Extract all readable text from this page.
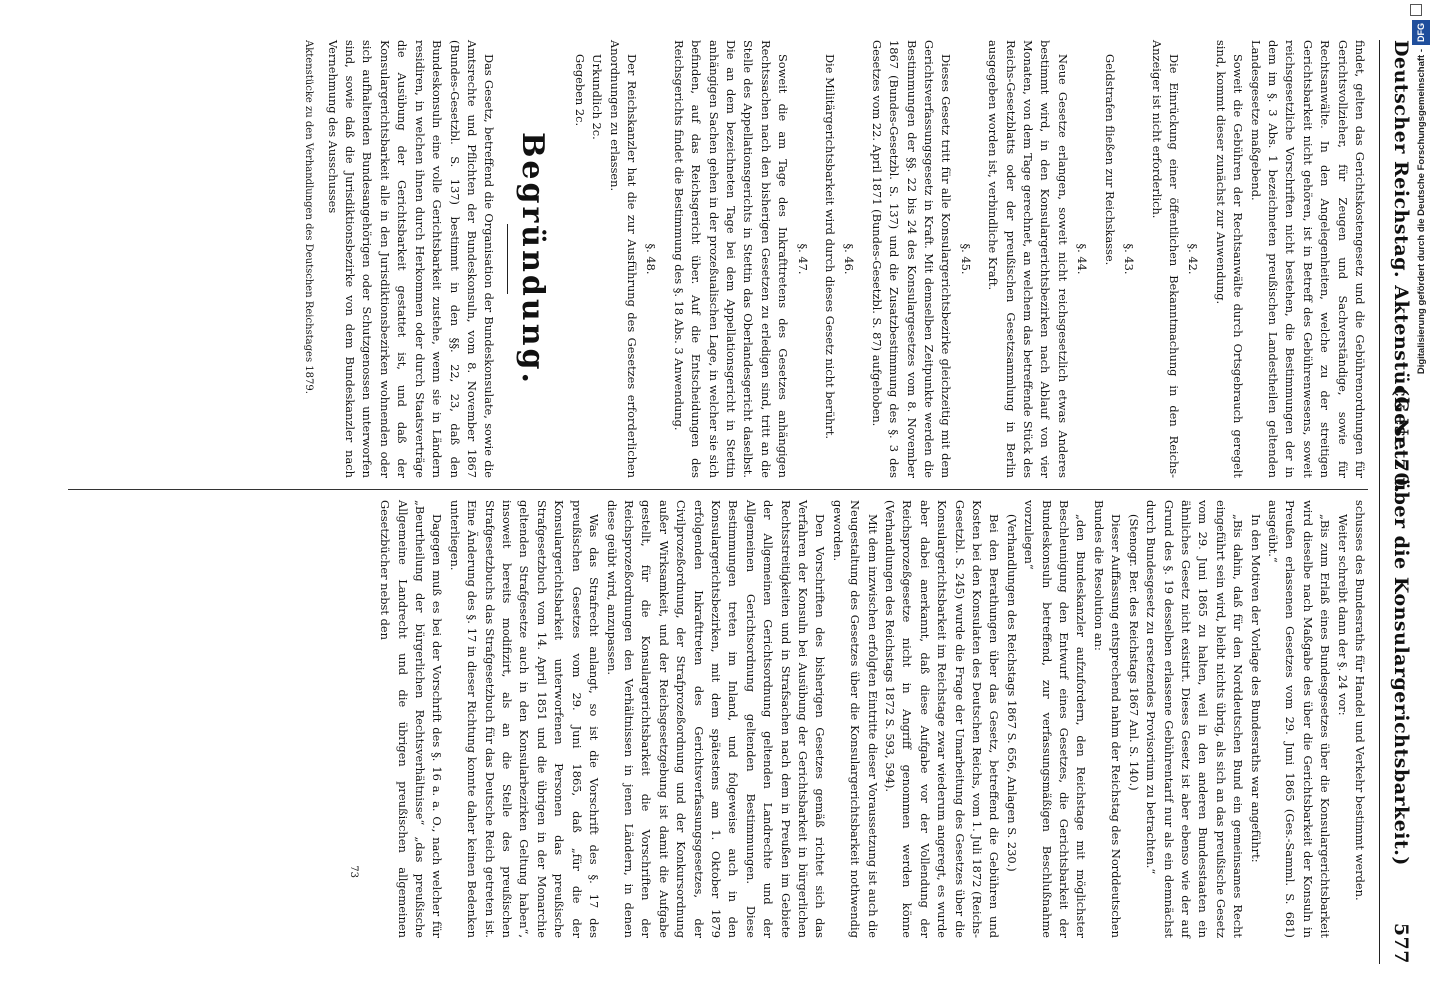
Deutscher Reichstag. Aktenstück Nr. 70.
(Gesetz über die Konsulargerichtsbarkeit.)        577

findet, gelten das Gerichtskostengesetz und die Gebührenordnungen für Gerichtsvollzieher, für Zeugen und Sachverständige, sowie für Rechtsanwälte. In den Angelegenheiten, welche zu der streitigen Gerichtsbarkeit nicht gehören, ist in Betreff des Gebührenwesens, soweit reichsgesetzliche Vorschriften nicht bestehen, die Bestimmungen der in dem im §. 3 Abs. 1 bezeichneten preußischen Landestheilen geltenden Landesgesetze maßgebend.

Soweit die Gebühren der Rechtsanwälte durch Ortsgebrauch geregelt sind, kommt dieser zunächst zur Anwendung.

§. 42.

Die Einrückung einer öffentlichen Bekanntmachung in den Reichs-Anzeiger ist nicht erforderlich.

§. 43.

Geldstrafen fließen zur Reichskasse.

§. 44.

Neue Gesetze erlangen, soweit nicht reichsgesetzlich etwas Anderes bestimmt wird, in den Konsulargerichtsbezirken nach Ablauf von vier Monaten, von dem Tage gerechnet, an welchem das betreffende Stück des Reichs-Gesetzblatts oder der preußischen Gesetzsammlung in Berlin ausgegeben worden ist, verbindliche Kraft.

§. 45.

Dieses Gesetz tritt für alle Konsulargerichtsbezirke gleichzeitig mit dem Gerichtsverfassungsgesetz in Kraft. Mit demselben Zeitpunkte werden die Bestimmungen der §§. 22 bis 24 des Konsulargesetzes vom 8. November 1867 (Bundes-Gesetzbl. S. 137) und die Zusatzbestimmung des §. 3 des Gesetzes vom 22. April 1871 (Bundes-Gesetzbl. S. 87) aufgehoben.

§. 46.

Die Militärgerichtsbarkeit wird durch dieses Gesetz nicht berührt.

§. 47.

Soweit die am Tage des Inkrafttretens des Gesetzes anhängigen Rechtssachen nach den bisherigen Gesetzen zu erledigen sind, tritt an die Stelle des Appellationsgerichts in Stettin das Oberlandesgericht daselbst. Die an dem bezeichneten Tage bei dem Appellationsgericht in Stettin anhängigen Sachen gehen in der prozeßualischen Lage, in welcher sie sich befinden, auf das Reichsgericht über. Auf die Entscheidungen des Reichsgerichts findet die Bestimmung des §. 18 Abs. 3 Anwendung.

§. 48.

Der Reichskanzler hat die zur Ausführung des Gesetzes erforderlichen Anordnungen zu erlassen.

Urkundlich 2c.

Gegeben 2c.

Begründung.

Das Gesetz, betreffend die Organisation der Bundeskonsulate, sowie die Amtsrechte und Pflichten der Bundeskonsuln, vom 8. November 1867 (Bundes-Gesetzbl. S. 137) bestimmt in den §§. 22, 23, daß den Bundeskonsuln eine volle Gerichtsbarkeit zustehe, wenn sie in Ländern residiren, in welchen ihnen durch Herkommen oder durch Staatsverträge die Ausübung der Gerichtsbarkeit gestattet ist, und daß der Konsulargerichtsbarkeit alle in den Jurisdiktionsbezirken wohnenden oder sich aufhaltenden Bundesangehörigen oder Schutzgenossen unterworfen sind, sowie daß die Jurisdiktionsbezirke von dem Bundeskanzler nach Vernehmung des Ausschusses

Aktenstücke zu den Verhandlungen des Deutschen Reichstages 1879.

schusses des Bundesraths für Handel und Verkehr bestimmt werden.

Weiter schreibt dann der §. 24 vor:

„Bis zum Erlaß eines Bundesgesetzes über die Konsulargerichtsbarkeit wird dieselbe nach Maßgabe des über die Gerichtsbarkeit der Konsuln in Preußen erlassenen Gesetzes vom 29. Juni 1865 (Ges.-Samml. S. 681) ausgeübt.“

In den Motiven der Vorlage des Bundesraths war angeführt:

„Bis dahin, daß für den Norddeutschen Bund ein gemeinsames Recht eingeführt sein wird, bleibt nichts übrig, als sich an das preußische Gesetz vom 29. Juni 1865 zu halten, weil in den anderen Bundesstaaten ein ähnliches Gesetz nicht existirt. Dieses Gesetz ist aber ebenso wie der auf Grund des §. 19 desselben erlassene Gebührentarif nur als ein demnächst durch Bundesgesetz zu ersetzendes Provisorium zu betrachten.“

(Stenogr. Ber. des Reichstags 1867 Anl. S. 140.)

Dieser Auffassung entsprechend nahm der Reichstag des Norddeutschen Bundes die Resolution an:

„den Bundeskanzler aufzufordern, den Reichstage mit möglichster Beschleunigung den Entwurf eines Gesetzes, die Gerichtsbarkeit der Bundeskonsuln betreffend, zur verfassungsmäßigen Beschlußnahme vorzulegen“

(Verhandlungen des Reichstags 1867 S. 656, Anlagen S. 230.)

Bei den Berathungen über das Gesetz, betreffend die Gebühren und Kosten bei den Konsulaten des Deutschen Reichs, vom 1. Juli 1872 (Reichs-Gesetzbl. S. 245) wurde die Frage der Umarbeitung des Gesetzes über die Konsulargerichtsbarkeit im Reichstage zwar wiederum angeregt, es wurde aber dabei anerkannt, daß diese Aufgabe vor der Vollendung der Reichsprozeßgesetze nicht in Angriff genommen werden könne (Verhandlungen des Reichstags 1872 S. 593, 594).

Mit dem inzwischen erfolgten Eintritte dieser Voraussetzung ist auch die Neugestaltung des Gesetzes über die Konsulargerichtsbarkeit nothwendig geworden.

Den Vorschriften des bisherigen Gesetzes gemäß richtet sich das Verfahren der Konsuln bei Ausübung der Gerichtsbarkeit in bürgerlichen Rechtsstreitigkeiten und in Strafsachen nach dem in Preußen im Gebiete der Allgemeinen Gerichtsordnung geltenden Landrechte und der Allgemeinen Gerichtsordnung geltenden Bestimmungen. Diese Bestimmungen treten im Inland, und folgeweise auch in den Konsulargerichtsbezirken, mit dem spätestens am 1. Oktober 1879 erfolgenden Inkrafttreten des Gerichtsverfassungsgesetzes, der Civilprozeßordnung, der Strafprozeßordnung und der Konkursordnung außer Wirksamkeit, und der Reichsgesetzgebung ist damit die Aufgabe gestellt, für die Konsulargerichtsbarkeit die Vorschriften der Reichsprozeßordnungen den Verhältnissen in jenen Ländern, in denen diese geübt wird, anzupassen.

Was das Strafrecht anlangt, so ist die Vorschrift des §. 17 des preußischen Gesetzes vom 29. Juni 1865, daß „für die der Konsulargerichtsbarkeit unterworfenen Personen das preußische Strafgesetzbuch vom 14. April 1851 und die übrigen in der Monarchie geltenden Strafgesetze auch in den Konsularbezirken Geltung haben“, insoweit bereits modifizirt, als an die Stelle des preußischen Strafgesetzbuchs das Strafgesetzbuch für das Deutsche Reich getreten ist. Eine Änderung des §. 17 in dieser Richtung konnte daher keinen Bedenken unterliegen.

Dagegen muß es bei der Vorschrift des §. 16 a. a. O., nach welcher für „Beurtheilung der bürgerlichen Rechtsverhältnisse“ „das preußische Allgemeine Landrecht und die übrigen preußischen allgemeinen Gesetzbücher nebst den

73
Digitalisierung gefördert durch die Deutsche Forschungsgemeinschaft -DFG
